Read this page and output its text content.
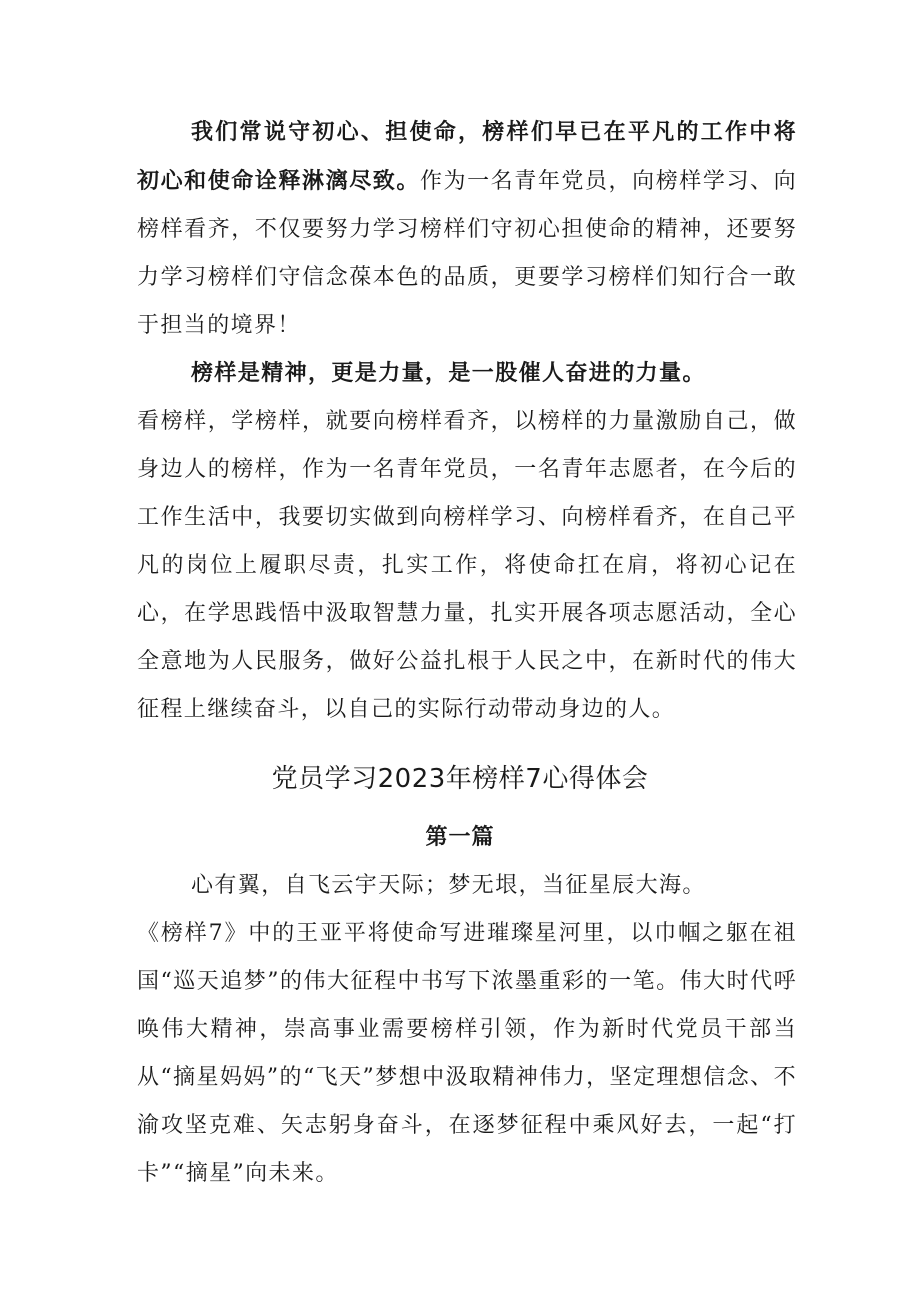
我们常说守初心、担使命，榜样们早已在平凡的工作中将初心和使命诠释淋漓尽致。作为一名青年党员，向榜样学习、向榜样看齐，不仅要努力学习榜样们守初心担使命的精神，还要努力学习榜样们守信念葆本色的品质，更要学习榜样们知行合一敢于担当的境界！

榜样是精神，更是力量，是一股催人奋进的力量。
看榜样，学榜样，就要向榜样看齐，以榜样的力量激励自己，做身边人的榜样，作为一名青年党员，一名青年志愿者，在今后的工作生活中，我要切实做到向榜样学习、向榜样看齐，在自己平凡的岗位上履职尽责，扎实工作，将使命扛在肩，将初心记在心，在学思践悟中汲取智慧力量，扎实开展各项志愿活动，全心全意地为人民服务，做好公益扎根于人民之中，在新时代的伟大征程上继续奋斗，以自己的实际行动带动身边的人。

党员学习2023年榜样7心得体会
第一篇

心有翼，自飞云宇天际；梦无垠，当征星辰大海。

《榜样7》中的王亚平将使命写进璀璨星河里，以巾帼之躯在祖国“巡天追梦”的伟大征程中书写下浓墨重彩的一笔。伟大时代呼唤伟大精神，崇高事业需要榜样引领，作为新时代党员干部当从“摘星妈妈”的“飞天”梦想中汲取精神伟力，坚定理想信念、不渝攻坚克难、矢志躬身奋斗，在逐梦征程中乘风好去，一起“打卡”“摘星”向未来。
